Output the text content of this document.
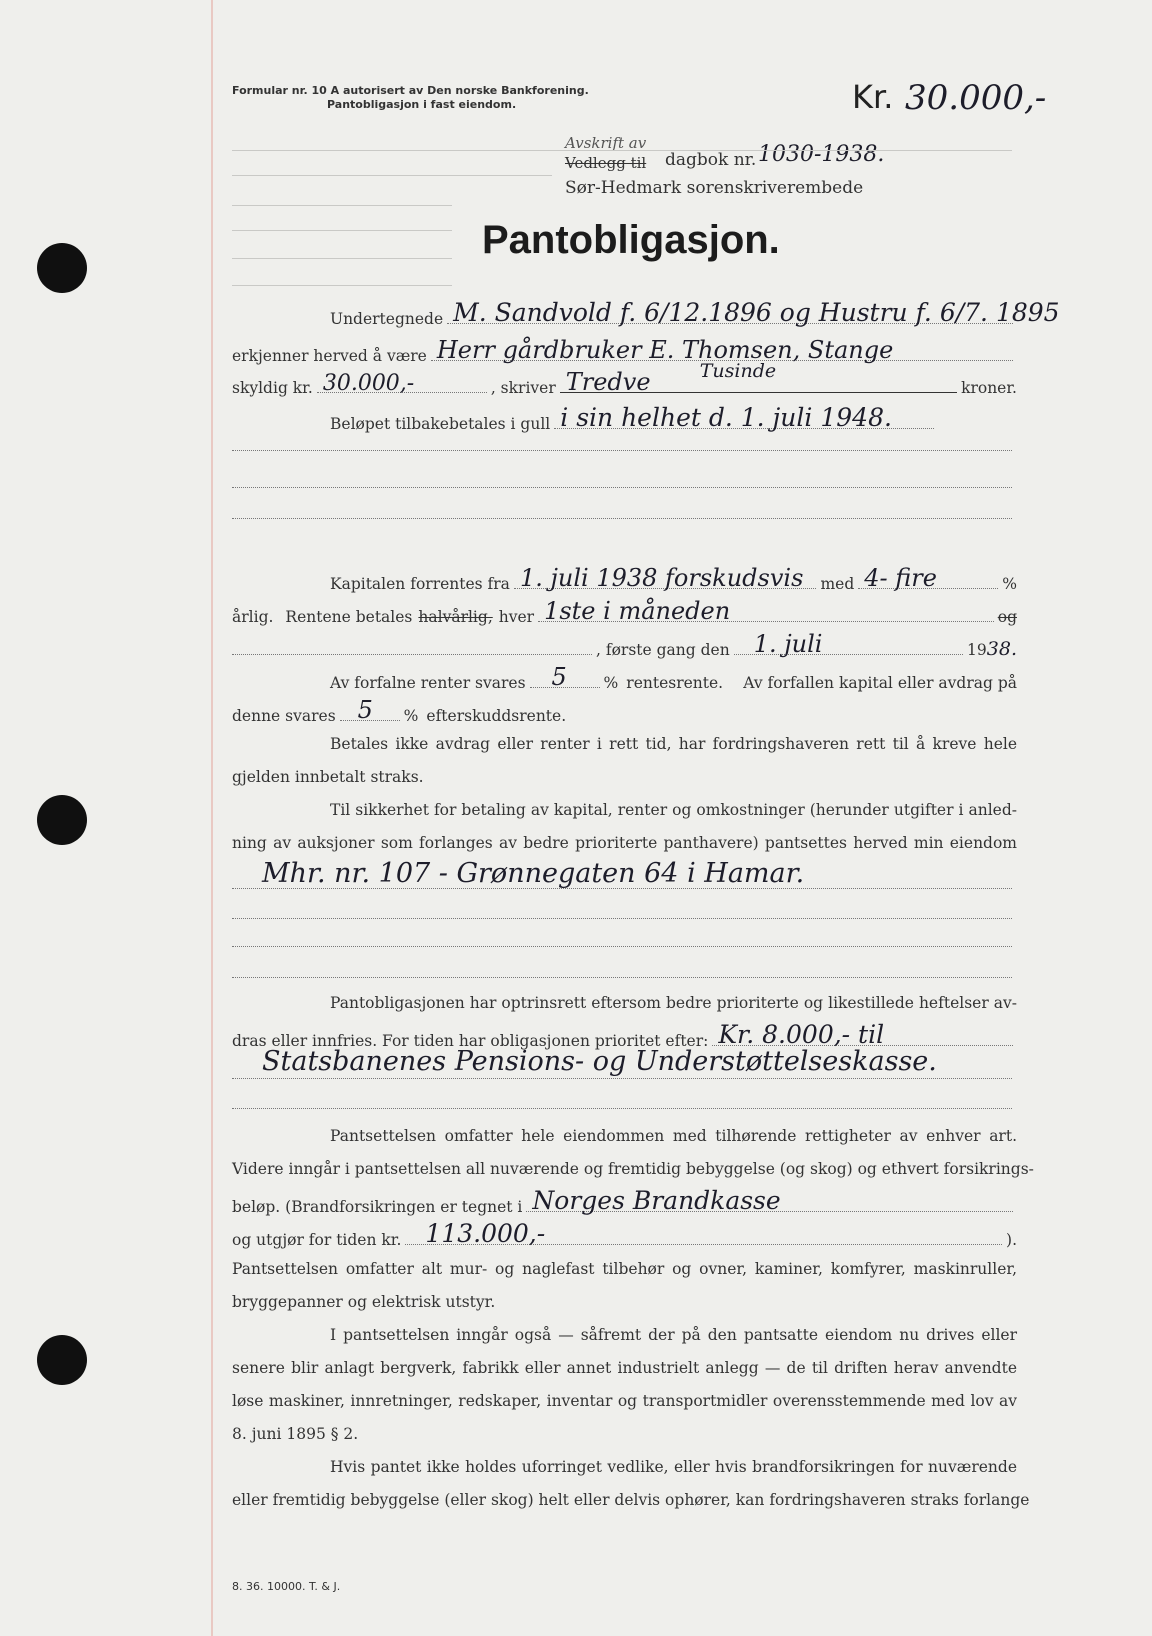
Formular nr. 10 A autorisert av Den norske Bankforening.
Pantobligasjon i fast eiendom.	Kr. 30.000,-
Avskrift av
Vedlegg til dagbok nr. 1030-1938.
Sør-Hedmark sorenskriverembede
Pantobligasjon.
Undertegnede M. Sandvold f. 6/12.1896 og Hustru f. 6/7. 1895
erkjenner herved å være Herr gårdbruker E. Thomsen, Stange
skyldig kr. 30.000,-	, skriver Tredve	Tusinde
kroner.
Beløpet tilbakebetales i gull i sin helhet d. 1. juli 1948.
Kapitalen forrentes fra 1. juli 1938 forskudsvis med 4- fire	%
årlig. Rentene betales halvårlig, hver 1ste i måneden	og
, første gang den 1. juli	19 38.
Av forfalne renter svares 5 % rentesrente. Av forfallen kapital eller avdrag på
denne svares 5 % efterskuddsrente.
Betales ikke avdrag eller renter i rett tid, har fordringshaveren rett til å kreve hele
gjelden innbetalt straks.
Til sikkerhet for betaling av kapital, renter og omkostninger (herunder utgifter i anled-
ning av auksjoner som forlanges av bedre prioriterte panthavere) pantsettes herved min eiendom
Mhr. nr. 107 - Grønnegaten 64 i Hamar.
Pantobligasjonen har optrinsrett eftersom bedre prioriterte og likestillede heftelser av-
dras eller innfries. For tiden har obligasjonen prioritet efter: Kr. 8.000,- til
Statsbanenes Pensions- og Understøttelseskasse.
Pantsettelsen omfatter hele eiendommen med tilhørende rettigheter av enhver art.
Videre inngår i pantsettelsen all nuværende og fremtidig bebyggelse (og skog) og ethvert forsikrings-
beløp. (Brandforsikringen er tegnet i Norges Brandkasse
og utgjør for tiden kr. 113.000,-	).
Pantsettelsen omfatter alt mur- og naglefast tilbehør og ovner, kaminer, komfyrer, maskinruller,
bryggepanner og elektrisk utstyr.
I pantsettelsen inngår også — såfremt der på den pantsatte eiendom nu drives eller
senere blir anlagt bergverk, fabrikk eller annet industrielt anlegg — de til driften herav anvendte
løse maskiner, innretninger, redskaper, inventar og transportmidler overensstemmende med lov av
8. juni 1895 § 2.
Hvis pantet ikke holdes uforringet vedlike, eller hvis brandforsikringen for nuværende
eller fremtidig bebyggelse (eller skog) helt eller delvis ophører, kan fordringshaveren straks forlange
8. 36. 10000. T. & J.
